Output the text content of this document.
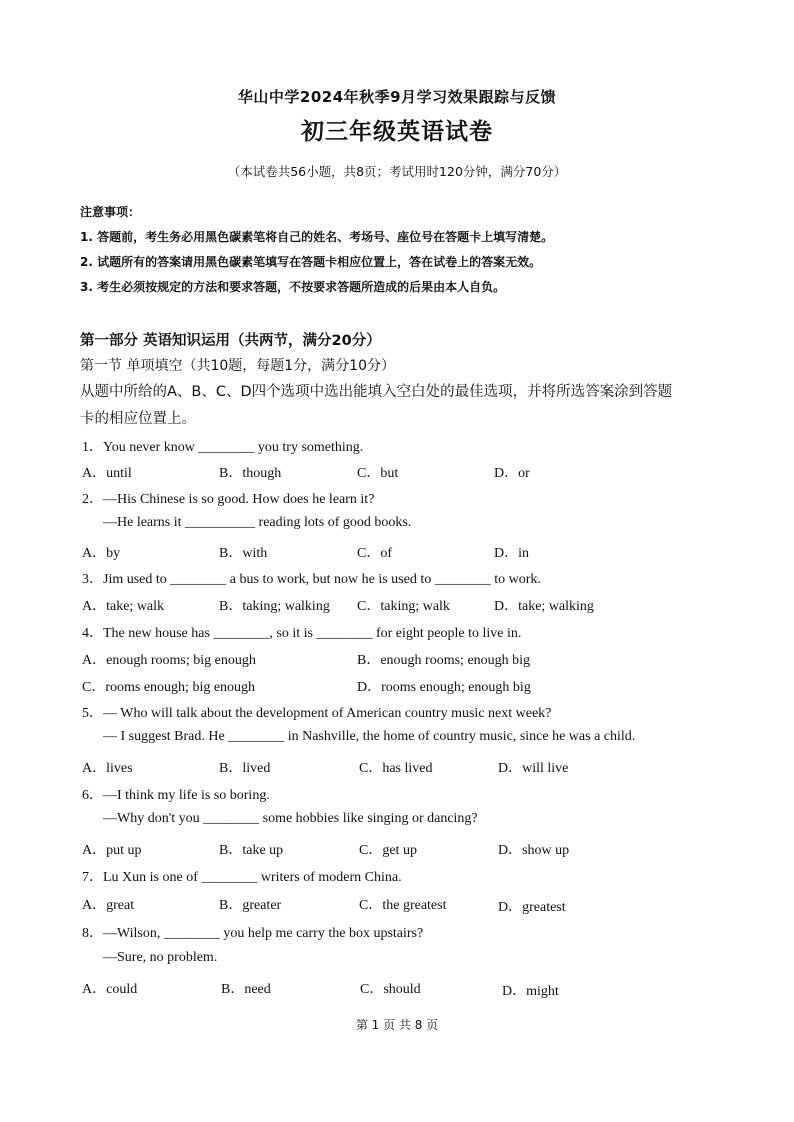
华山中学2024年秋季9月学习效果跟踪与反馈
初三年级英语试卷
（本试卷共56小题，共8页；考试用时120分钟，满分70分）
注意事项：
1. 答题前，考生务必用黑色碳素笔将自己的姓名、考场号、座位号在答题卡上填写清楚。
2. 试题所有的答案请用黑色碳素笔填写在答题卡相应位置上，答在试卷上的答案无效。
3. 考生必须按规定的方法和要求答题，不按要求答题所造成的后果由本人自负。
第一部分 英语知识运用（共两节，满分20分）
第一节 单项填空（共10题，每题1分，满分10分）
从题中所给的A、B、C、D四个选项中选出能填入空白处的最佳选项，并将所选答案涂到答题
卡的相应位置上。
1．You never know ________ you try something.
A．until	B．though	C．but	D．or
2．—His Chinese is so good. How does he learn it?
—He learns it __________ reading lots of good books.
A．by	B．with	C．of	D．in
3．Jim used to ________ a bus to work, but now he is used to ________ to work.
A．take; walk	B．taking; walking C．taking; walk	D．take; walking
4．The new house has ________, so it is ________ for eight people to live in.
A．enough rooms; big enough	B．enough rooms; enough big
C．rooms enough; big enough	D．rooms enough; enough big
5．— Who will talk about the development of American country music next week?
— I suggest Brad. He ________ in Nashville, the home of country music, since he was a child.
A．lives	B．lived	C．has lived	D．will live
6．—I think my life is so boring.
—Why don't you ________ some hobbies like singing or dancing?
A．put up	B．take up	C．get up	D．show up
7．Lu Xun is one of ________ writers of modern China.
A．great	B．greater	C．the greatest	D．greatest
8．—Wilson, ________ you help me carry the box upstairs?
—Sure, no problem.
A．could	B．need	C．should	D．might
第 1 页 共 8 页
